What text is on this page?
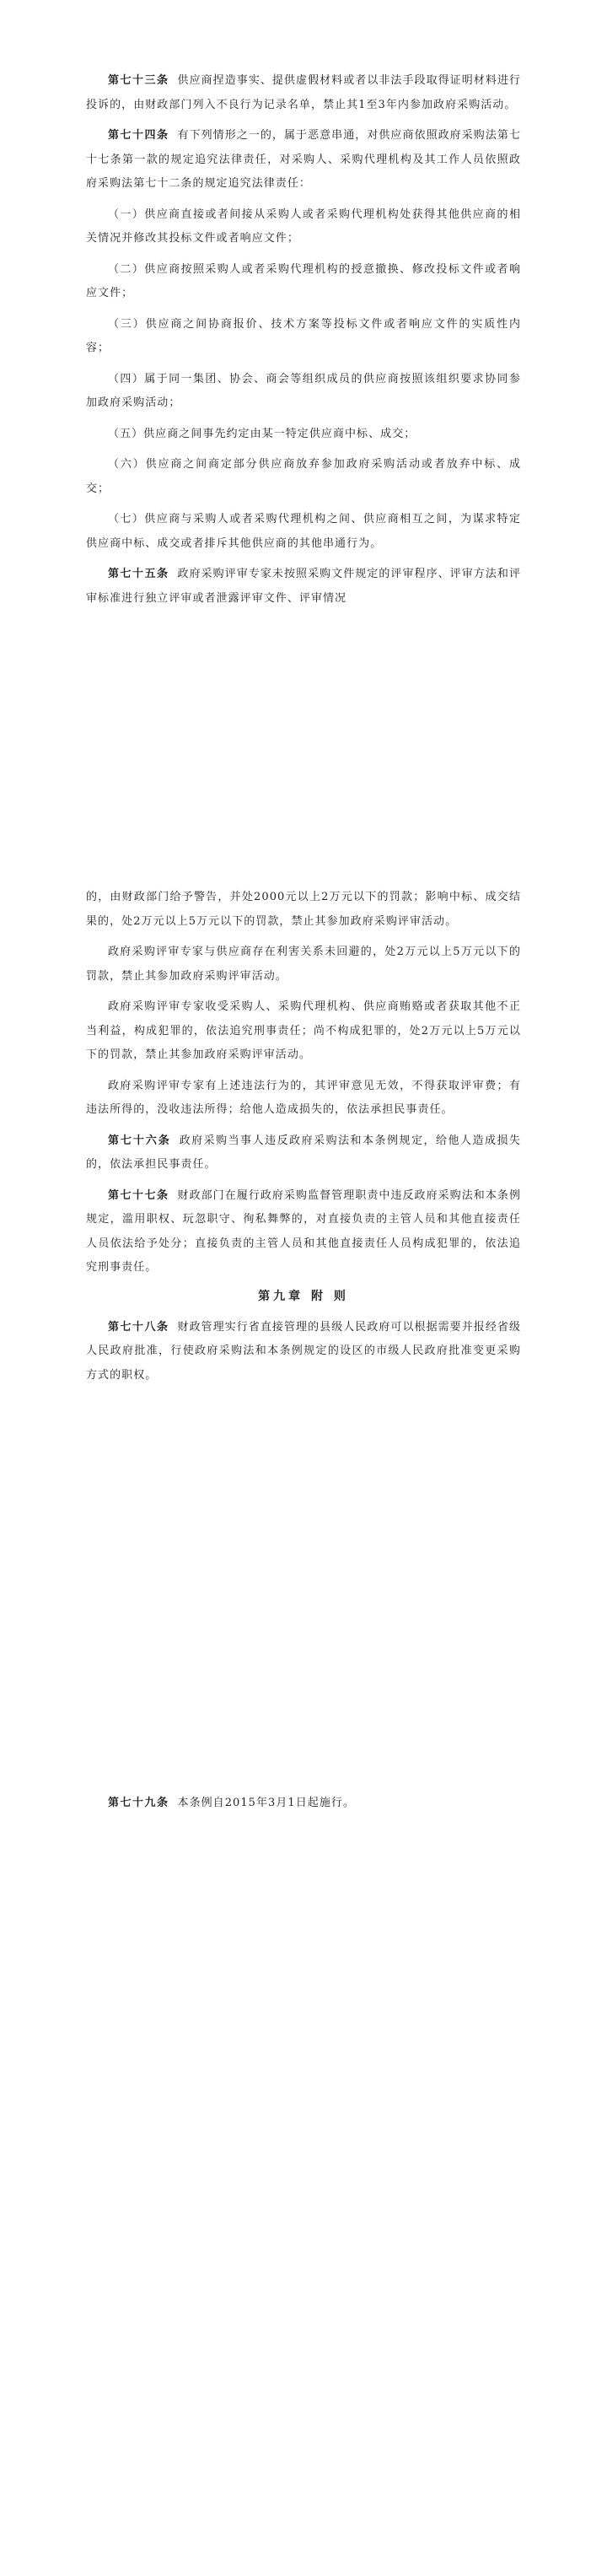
第七十三条 供应商捏造事实、提供虚假材料或者以非法手段取得证明材料进行投诉的，由财政部门列入不良行为记录名单，禁止其1至3年内参加政府采购活动。

第七十四条 有下列情形之一的，属于恶意串通，对供应商依照政府采购法第七十七条第一款的规定追究法律责任，对采购人、采购代理机构及其工作人员依照政府采购法第七十二条的规定追究法律责任：

（一）供应商直接或者间接从采购人或者采购代理机构处获得其他供应商的相关情况并修改其投标文件或者响应文件；

（二）供应商按照采购人或者采购代理机构的授意撤换、修改投标文件或者响应文件；

（三）供应商之间协商报价、技术方案等投标文件或者响应文件的实质性内容；

（四）属于同一集团、协会、商会等组织成员的供应商按照该组织要求协同参加政府采购活动；

（五）供应商之间事先约定由某一特定供应商中标、成交；

（六）供应商之间商定部分供应商放弃参加政府采购活动或者放弃中标、成交；

（七）供应商与采购人或者采购代理机构之间、供应商相互之间，为谋求特定供应商中标、成交或者排斥其他供应商的其他串通行为。

第七十五条 政府采购评审专家未按照采购文件规定的评审程序、评审方法和评审标准进行独立评审或者泄露评审文件、评审情况

的，由财政部门给予警告，并处2000元以上2万元以下的罚款；影响中标、成交结果的，处2万元以上5万元以下的罚款，禁止其参加政府采购评审活动。

政府采购评审专家与供应商存在利害关系未回避的，处2万元以上5万元以下的罚款，禁止其参加政府采购评审活动。

政府采购评审专家收受采购人、采购代理机构、供应商贿赂或者获取其他不正当利益，构成犯罪的，依法追究刑事责任；尚不构成犯罪的，处2万元以上5万元以下的罚款，禁止其参加政府采购评审活动。

政府采购评审专家有上述违法行为的，其评审意见无效，不得获取评审费；有违法所得的，没收违法所得；给他人造成损失的，依法承担民事责任。

第七十六条 政府采购当事人违反政府采购法和本条例规定，给他人造成损失的，依法承担民事责任。

第七十七条 财政部门在履行政府采购监督管理职责中违反政府采购法和本条例规定，滥用职权、玩忽职守、徇私舞弊的，对直接负责的主管人员和其他直接责任人员依法给予处分；直接负责的主管人员和其他直接责任人员构成犯罪的，依法追究刑事责任。

第九章 附 则

第七十八条 财政管理实行省直接管理的县级人民政府可以根据需要并报经省级人民政府批准，行使政府采购法和本条例规定的设区的市级人民政府批准变更采购方式的职权。

第七十九条 本条例自2015年3月1日起施行。
